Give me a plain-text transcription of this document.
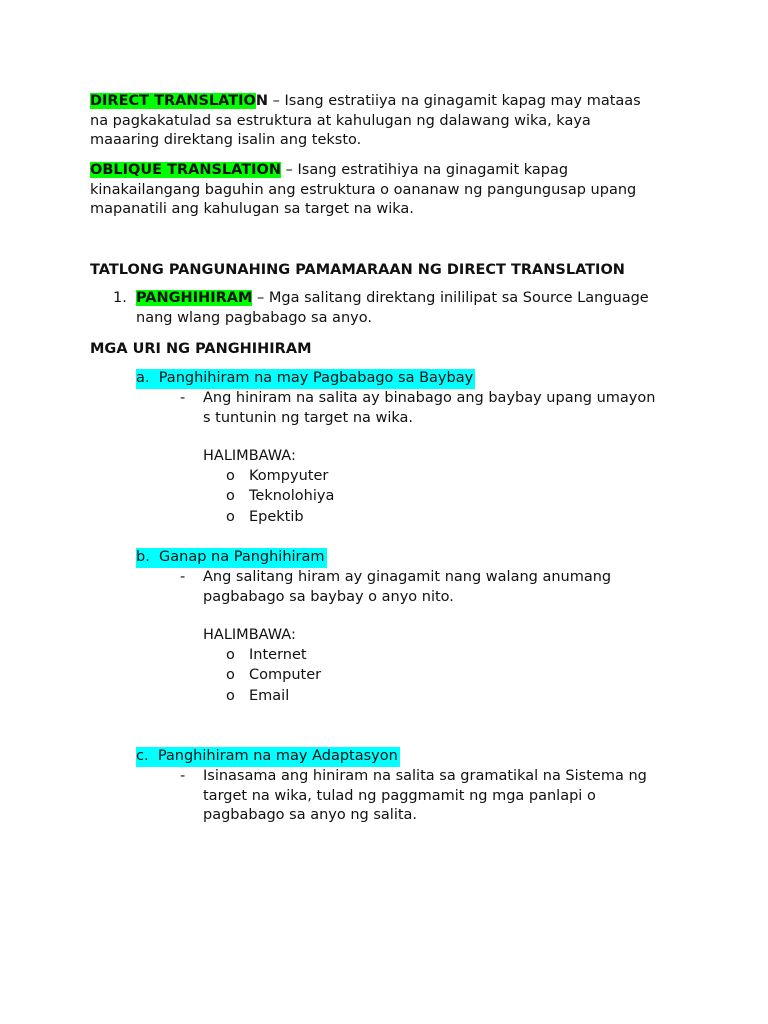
DIRECT TRANSLATION – Isang estratiiya na ginagamit kapag may mataas
na pagkakatulad sa estruktura at kahulugan ng dalawang wika, kaya
maaaring direktang isalin ang teksto.
OBLIQUE TRANSLATION – Isang estratihiya na ginagamit kapag
kinakailangang baguhin ang estruktura o oananaw ng pangungusap upang
mapanatili ang kahulugan sa target na wika.
TATLONG PANGUNAHING PAMAMARAAN NG DIRECT TRANSLATION
1. PANGHIHIRAM – Mga salitang direktang inililipat sa Source Language
nang wlang pagbabago sa anyo.
MGA URI NG PANGHIHIRAM
a. Panghihiram na may Pagbabago sa Baybay
- Ang hiniram na salita ay binabago ang baybay upang umayon
s tuntunin ng target na wika.
HALIMBAWA:
o Kompyuter
o Teknolohiya
o Epektib
b. Ganap na Panghihiram
- Ang salitang hiram ay ginagamit nang walang anumang
pagbabago sa baybay o anyo nito.
HALIMBAWA:
o Internet
o Computer
o Email
c. Panghihiram na may Adaptasyon
- Isinasama ang hiniram na salita sa gramatikal na Sistema ng
target na wika, tulad ng paggmamit ng mga panlapi o
pagbabago sa anyo ng salita.
